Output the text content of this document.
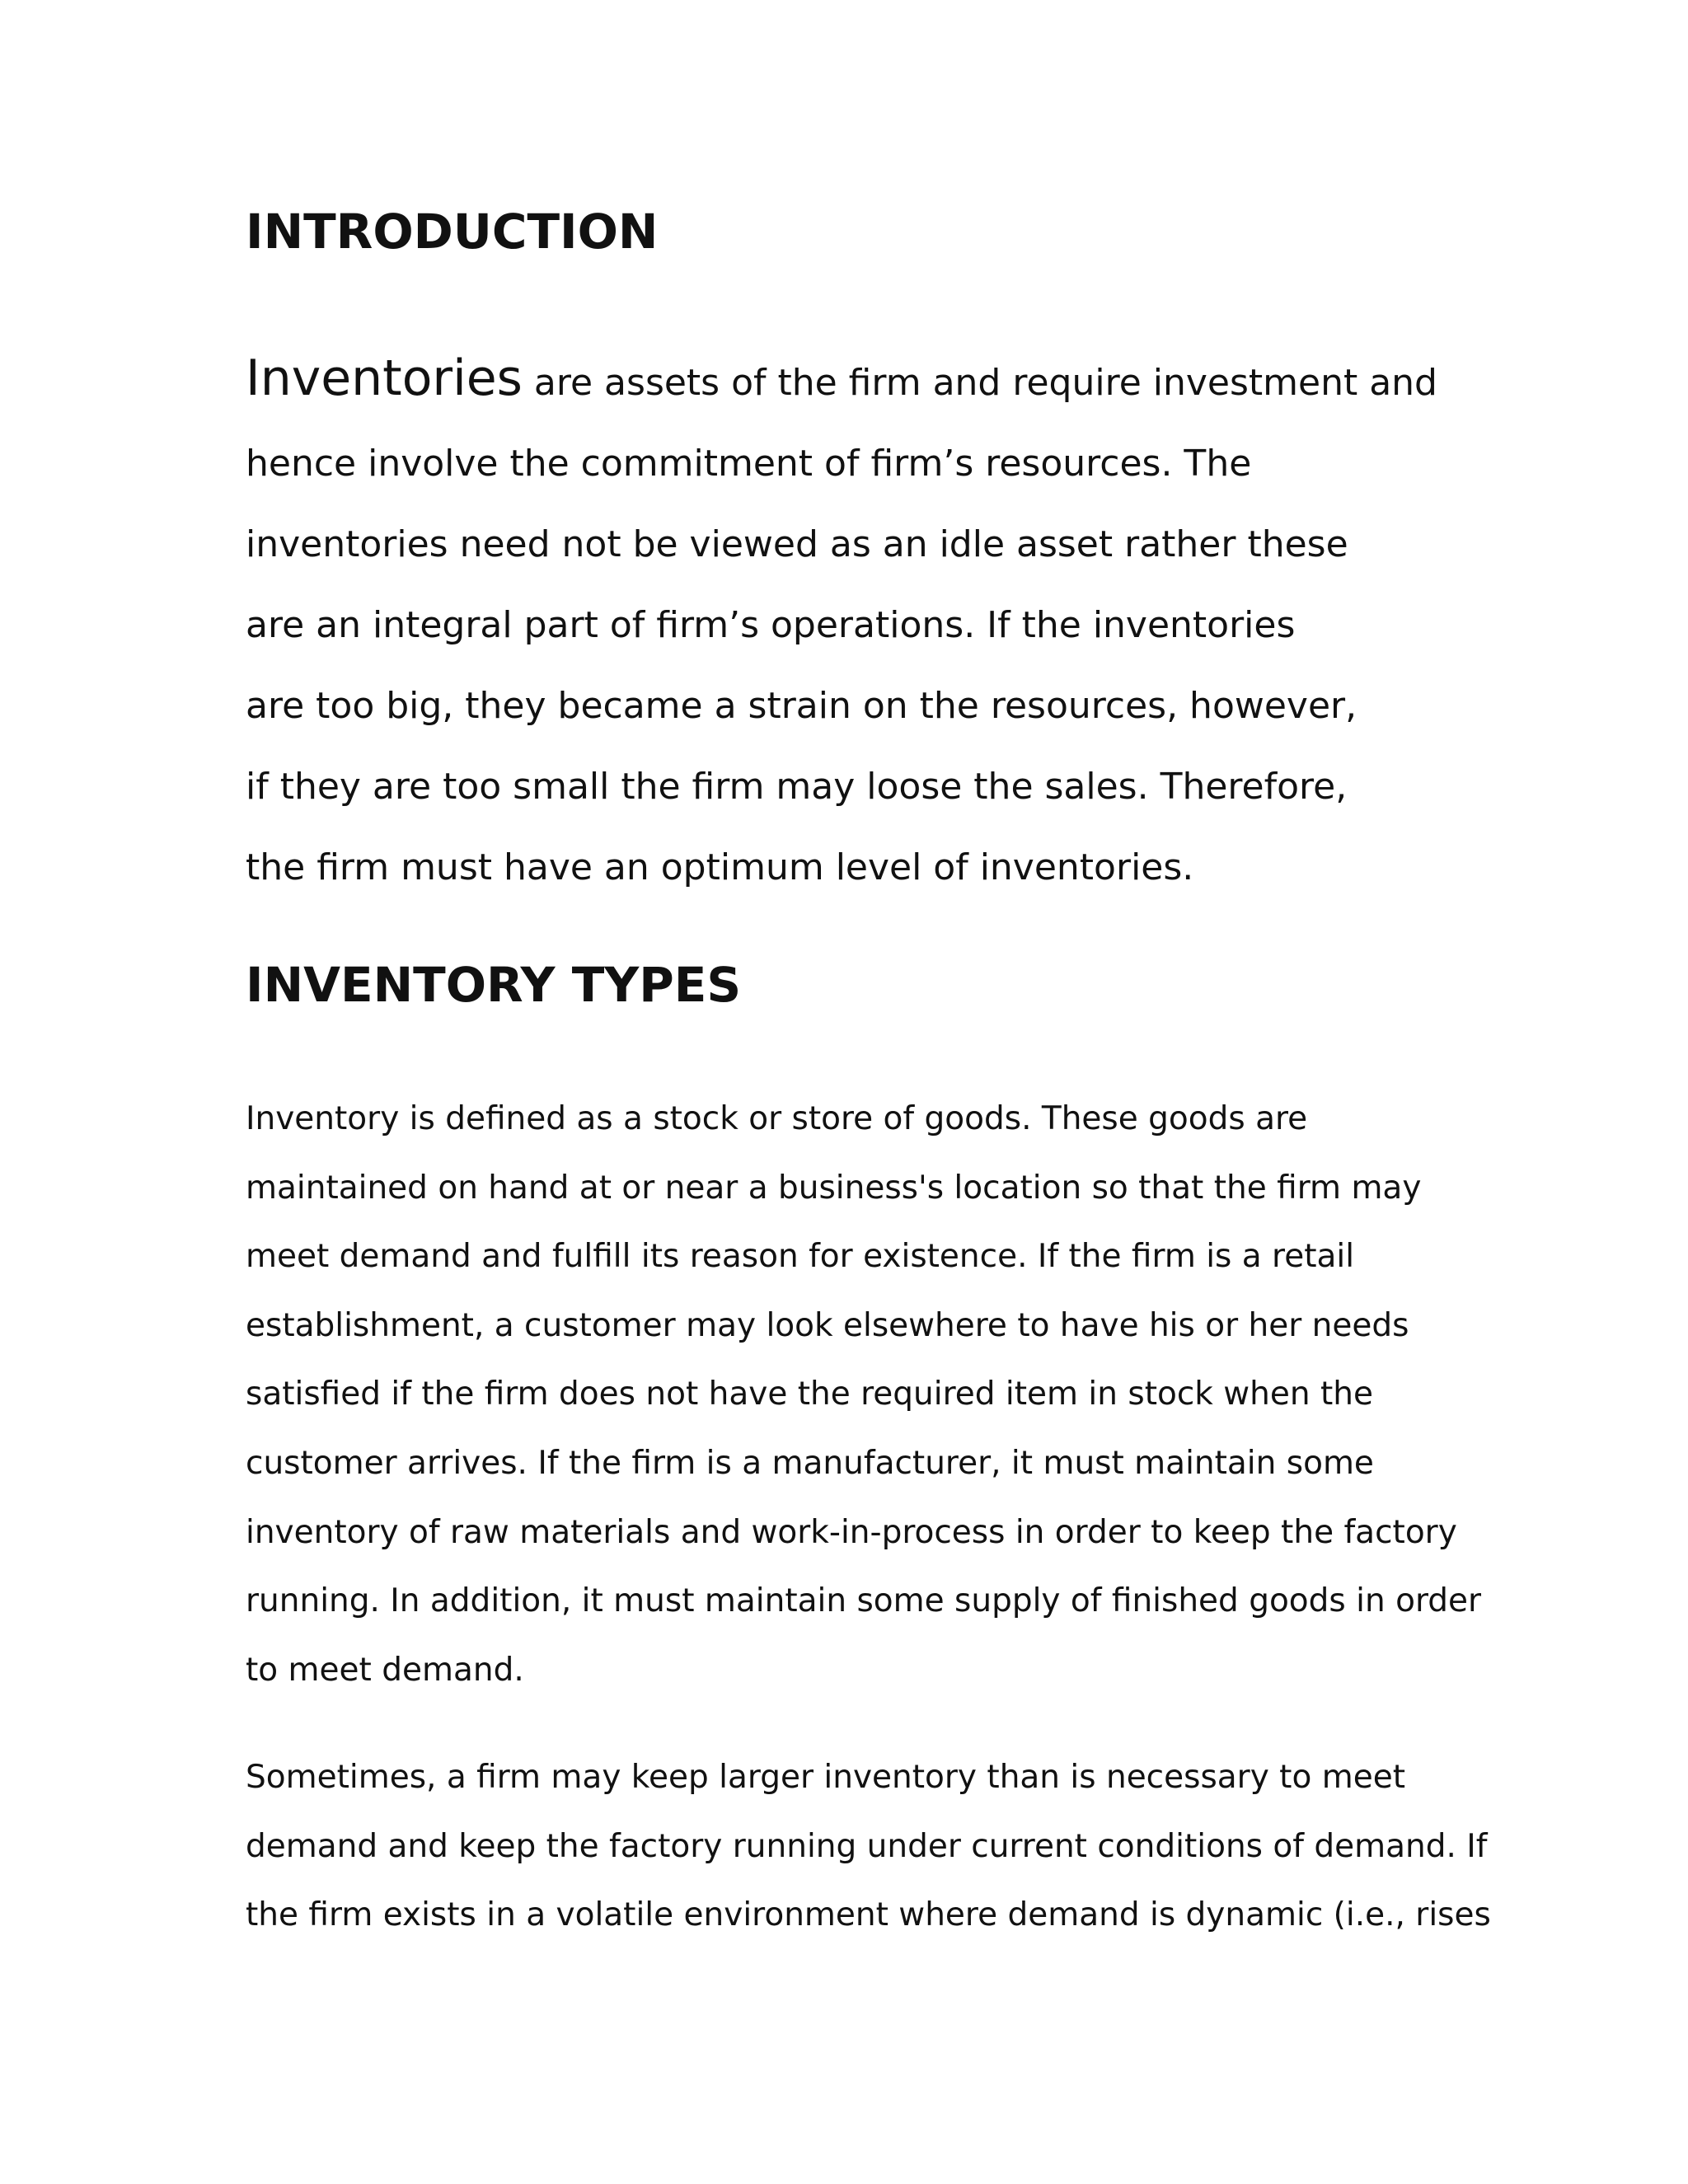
INTRODUCTION

Inventories are assets of the firm and require investment and
hence involve the commitment of firm’s resources. The
inventories need not be viewed as an idle asset rather these
are an integral part of firm’s operations. If the inventories
are too big, they became a strain on the resources, however,
if they are too small the firm may loose the sales. Therefore,
the firm must have an optimum level of inventories.

INVENTORY TYPES

Inventory is defined as a stock or store of goods. These goods are
maintained on hand at or near a business's location so that the firm may
meet demand and fulfill its reason for existence. If the firm is a retail
establishment, a customer may look elsewhere to have his or her needs
satisfied if the firm does not have the required item in stock when the
customer arrives. If the firm is a manufacturer, it must maintain some
inventory of raw materials and work-in-process in order to keep the factory
running. In addition, it must maintain some supply of finished goods in order
to meet demand.

Sometimes, a firm may keep larger inventory than is necessary to meet
demand and keep the factory running under current conditions of demand. If
the firm exists in a volatile environment where demand is dynamic (i.e., rises
